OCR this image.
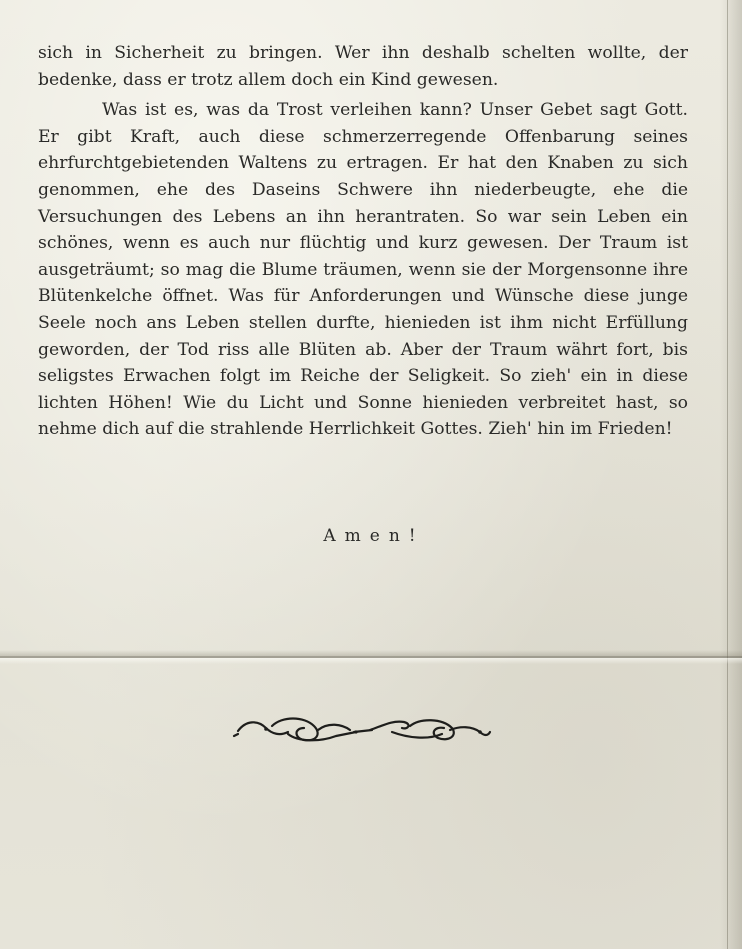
sich in Sicherheit zu bringen. Wer ihn deshalb schelten wollte, der bedenke, dass er trotz allem doch ein Kind gewesen.

Was ist es, was da Trost verleihen kann? Unser Gebet sagt Gott. Er gibt Kraft, auch diese schmerzerregende Offenbarung seines ehrfurchtgebietenden Waltens zu ertragen. Er hat den Knaben zu sich genommen, ehe des Daseins Schwere ihn niederbeugte, ehe die Versuchungen des Lebens an ihn herantraten. So war sein Leben ein schönes, wenn es auch nur flüchtig und kurz gewesen. Der Traum ist ausgeträumt; so mag die Blume träumen, wenn sie der Morgensonne ihre Blütenkelche öffnet. Was für Anforderungen und Wünsche diese junge Seele noch ans Leben stellen durfte, hienieden ist ihm nicht Erfüllung geworden, der Tod riss alle Blüten ab. Aber der Traum währt fort, bis seligstes Erwachen folgt im Reiche der Seligkeit. So zieh' ein in diese lichten Höhen! Wie du Licht und Sonne hienieden verbreitet hast, so nehme dich auf die strahlende Herrlichkeit Gottes. Zieh' hin im Frieden!

Amen!
